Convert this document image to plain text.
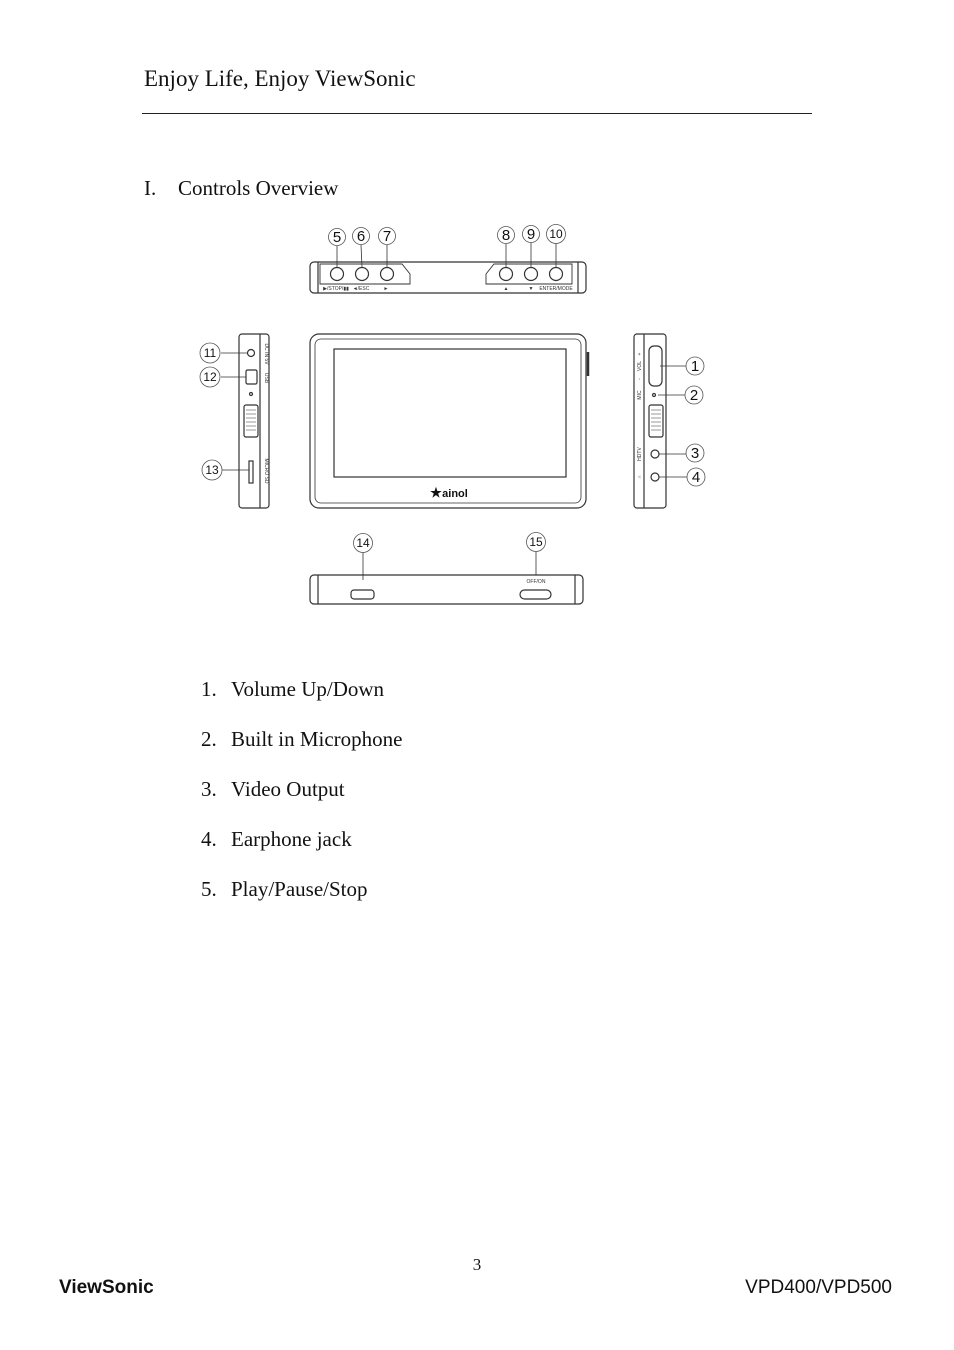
Enjoy Life, Enjoy ViewSonic
I. Controls Overview
5 6 7	8 9 10
11
12
13
1
2
3
4
14	15
▶/STOP/▮▮ ◄/ESC	►	▲	▼ ENTER/MODE
OFF/ON
DC IN 5V
USB
MICRO SD
+
VOL
-
MIC
HDTV
∩
★ ainol
1. Volume Up/Down
2. Built in Microphone
3. Video Output
4. Earphone jack
5. Play/Pause/Stop
3
ViewSonic	VPD400/VPD500
